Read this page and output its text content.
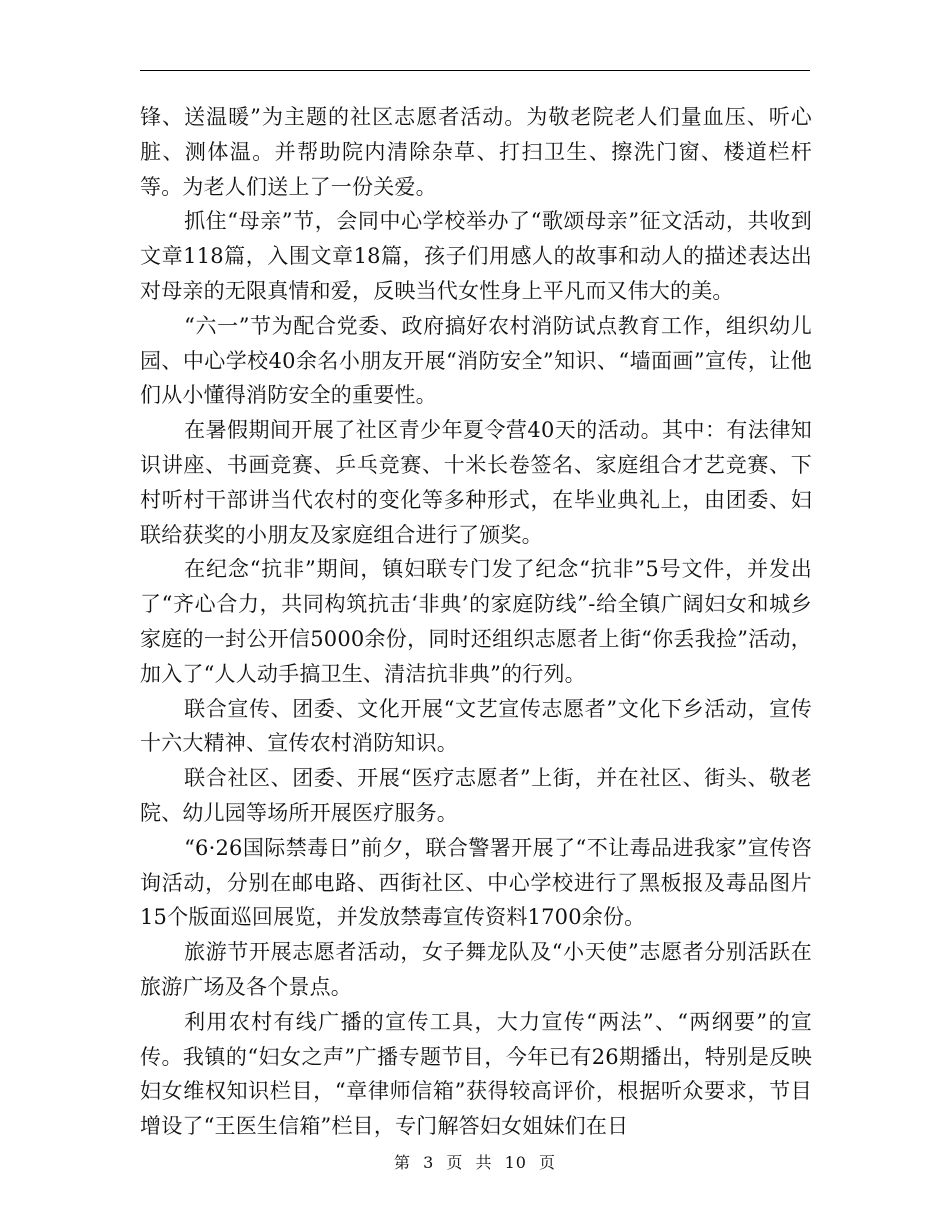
锋、送温暖”为主题的社区志愿者活动。为敬老院老人们量血压、听心脏、测体温。并帮助院内清除杂草、打扫卫生、擦洗门窗、楼道栏杆等。为老人们送上了一份关爱。

抓住“母亲”节，会同中心学校举办了“歌颂母亲”征文活动，共收到文章118篇，入围文章18篇，孩子们用感人的故事和动人的描述表达出对母亲的无限真情和爱，反映当代女性身上平凡而又伟大的美。

“六一”节为配合党委、政府搞好农村消防试点教育工作，组织幼儿园、中心学校40余名小朋友开展“消防安全”知识、“墙面画”宣传，让他们从小懂得消防安全的重要性。

在暑假期间开展了社区青少年夏令营40天的活动。其中：有法律知识讲座、书画竞赛、乒乓竞赛、十米长卷签名、家庭组合才艺竞赛、下村听村干部讲当代农村的变化等多种形式，在毕业典礼上，由团委、妇联给获奖的小朋友及家庭组合进行了颁奖。

在纪念“抗非”期间，镇妇联专门发了纪念“抗非”5号文件，并发出了“齐心合力，共同构筑抗击‘非典’的家庭防线”-给全镇广阔妇女和城乡家庭的一封公开信5000余份，同时还组织志愿者上街“你丢我捡”活动，加入了“人人动手搞卫生、清洁抗非典”的行列。

联合宣传、团委、文化开展“文艺宣传志愿者”文化下乡活动，宣传十六大精神、宣传农村消防知识。

联合社区、团委、开展“医疗志愿者”上街，并在社区、街头、敬老院、幼儿园等场所开展医疗服务。

“6·26国际禁毒日”前夕，联合警署开展了“不让毒品进我家”宣传咨询活动，分别在邮电路、西街社区、中心学校进行了黑板报及毒品图片15个版面巡回展览，并发放禁毒宣传资料1700余份。

旅游节开展志愿者活动，女子舞龙队及“小天使”志愿者分别活跃在旅游广场及各个景点。

利用农村有线广播的宣传工具，大力宣传“两法”、“两纲要”的宣传。我镇的“妇女之声”广播专题节目，今年已有26期播出，特别是反映妇女维权知识栏目，“章律师信箱”获得较高评价，根据听众要求，节目增设了“王医生信箱”栏目，专门解答妇女姐妹们在日

第 3 页 共 10 页
